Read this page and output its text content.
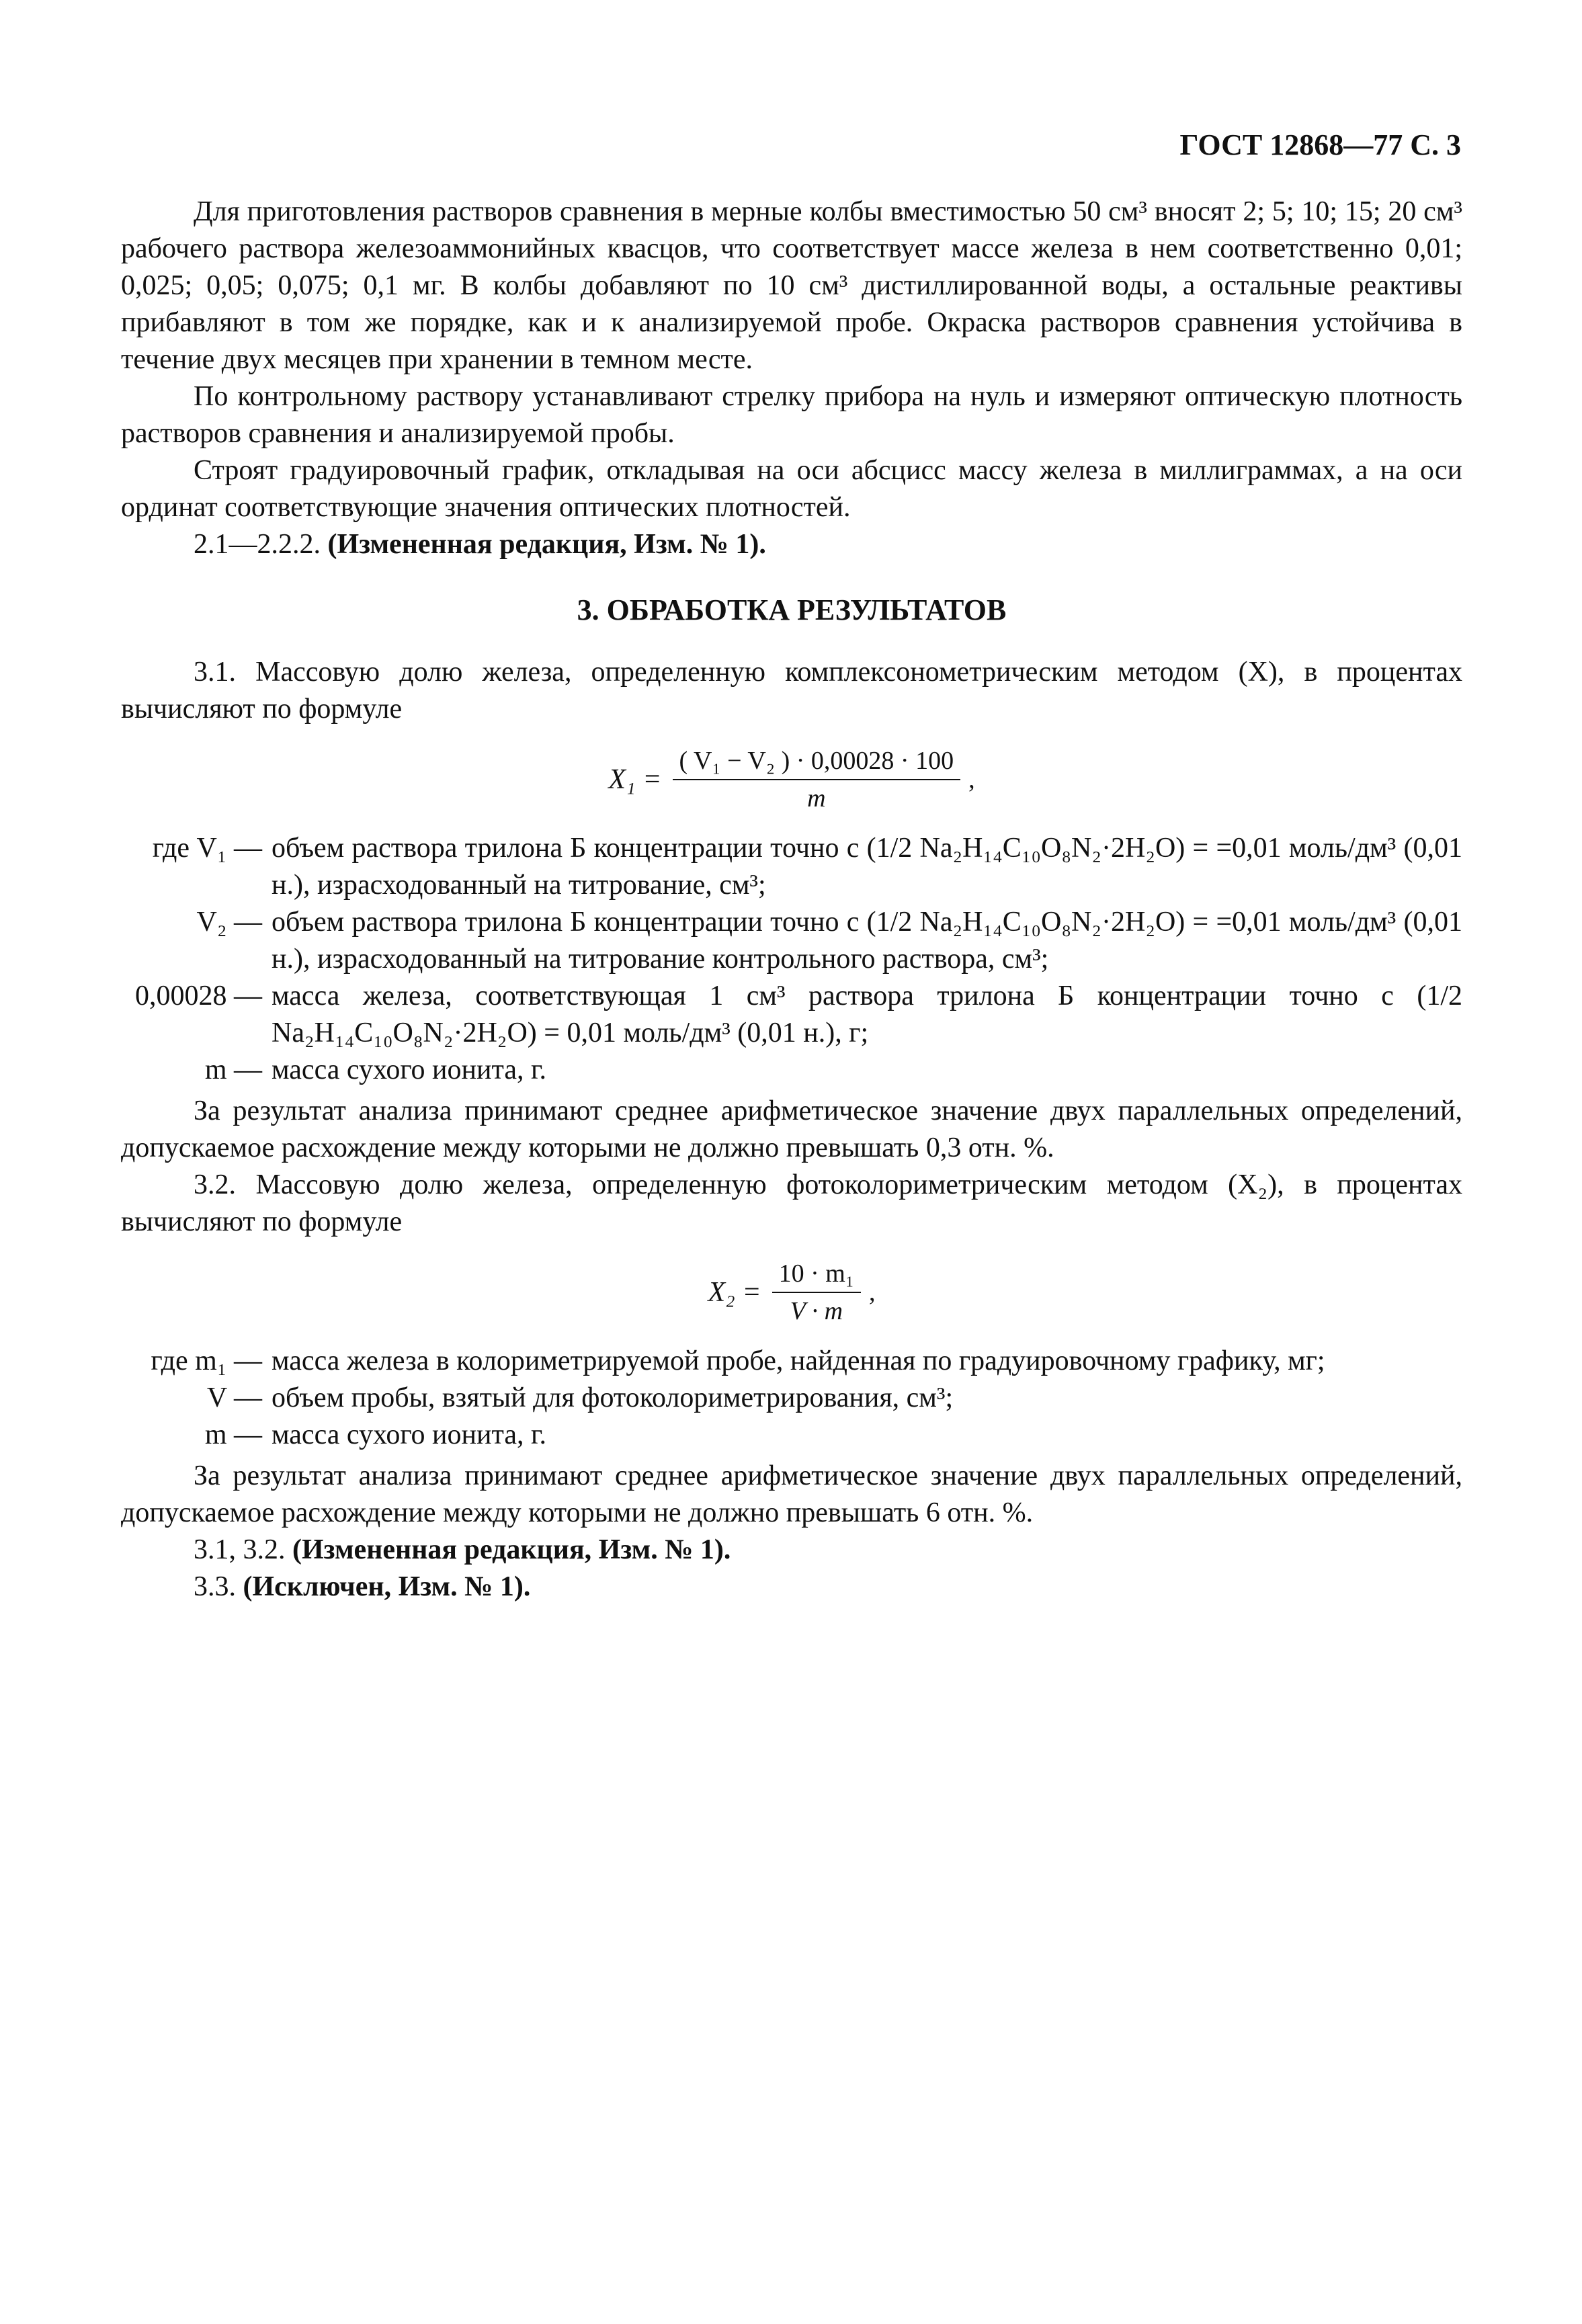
ГОСТ 12868—77 С. 3

Для приготовления растворов сравнения в мерные колбы вместимостью 50 см³ вносят 2; 5; 10; 15; 20 см³ рабочего раствора железоаммонийных квасцов, что соответствует массе железа в нем соответственно 0,01; 0,025; 0,05; 0,075; 0,1 мг. В колбы добавляют по 10 см³ дистиллированной воды, а остальные реактивы прибавляют в том же порядке, как и к анализируемой пробе. Окраска растворов сравнения устойчива в течение двух месяцев при хранении в темном месте.

По контрольному раствору устанавливают стрелку прибора на нуль и измеряют оптическую плотность растворов сравнения и анализируемой пробы.

Строят градуировочный график, откладывая на оси абсцисс массу железа в миллиграммах, а на оси ординат соответствующие значения оптических плотностей.

2.1—2.2.2. (Измененная редакция, Изм. № 1).

3. ОБРАБОТКА РЕЗУЛЬТАТОВ

3.1. Массовую долю железа, определенную комплексонометрическим методом (X), в процентах вычисляют по формуле

$X_1 = \frac{\text{( V₁ − V₂ ) · 0,00028 · 100}}{m}$ ,
где V₁ —	объем раствора трилона Б концентрации точно c (1/2 Na₂H₁₄C₁₀O₈N₂·2H₂O) = =0,01 моль/дм³ (0,01 н.), израсходованный на титрование, см³;
V₂ —	объем раствора трилона Б концентрации точно c (1/2 Na₂H₁₄C₁₀O₈N₂·2H₂O) = =0,01 моль/дм³ (0,01 н.), израсходованный на титрование контрольного раствора, см³;
0,00028 —	масса железа, соответствующая 1 см³ раствора трилона Б концентрации точно c (1/2 Na₂H₁₄C₁₀O₈N₂·2H₂O) = 0,01 моль/дм³ (0,01 н.), г;
m —	масса сухого ионита, г.

За результат анализа принимают среднее арифметическое значение двух параллельных определений, допускаемое расхождение между которыми не должно превышать 0,3 отн. %.

3.2. Массовую долю железа, определенную фотоколориметрическим методом (X₂), в процентах вычисляют по формуле

$X_2 = \frac{\text{10 · m₁}}{V \cdot m}$ ,
где m₁ —	масса железа в колориметрируемой пробе, найденная по градуировочному графику, мг;
V —	объем пробы, взятый для фотоколориметрирования, см³;
m —	масса сухого ионита, г.

За результат анализа принимают среднее арифметическое значение двух параллельных определений, допускаемое расхождение между которыми не должно превышать 6 отн. %.

3.1, 3.2. (Измененная редакция, Изм. № 1).

3.3. (Исключен, Изм. № 1).
